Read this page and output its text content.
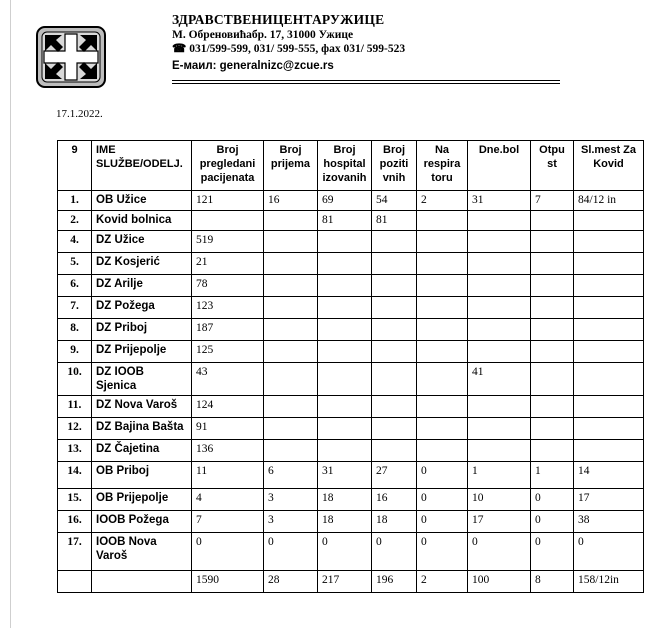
ЗДРАВСТВЕНИЦЕНТАРУЖИЦЕ
М. Обреновићабр. 17, 31000 Ужице
☎ 031/599-599, 031/ 599-555, фах 031/ 599-523
Е-маил: generalnizc@zcue.rs
17.1.2022.
9	IME SLUŽBE/ODELJ.	Broj pregledani pacijenata	Broj prijema	Broj hospital izovanih	Broj poziti vnih	Na respira toru	Dne.bol	Otpu st	Sl.mest Za Kovid
1.	OB Užice	121	16	69	54	2	31	7	84/12 in
2.	Kovid bolnica			81	81				
4.	DZ Užice	519							
5.	DZ Kosjerić	21							
6.	DZ Arilje	78							
7.	DZ Požega	123							
8.	DZ Priboj	187							
9.	DZ Prijepolje	125							
10.	DZ IOOB Sjenica	43					41		
11.	DZ Nova Varoš	124							
12.	DZ Bajina Bašta	91							
13.	DZ Čajetina	136							
14.	OB Priboj	11	6	31	27	0	1	1	14
15.	OB Prijepolje	4	3	18	16	0	10	0	17
16.	IOOB Požega	7	3	18	18	0	17	0	38
17.	IOOB Nova Varoš	0	0	0	0	0	0	0	0
		1590	28	217	196	2	100	8	158/12in
